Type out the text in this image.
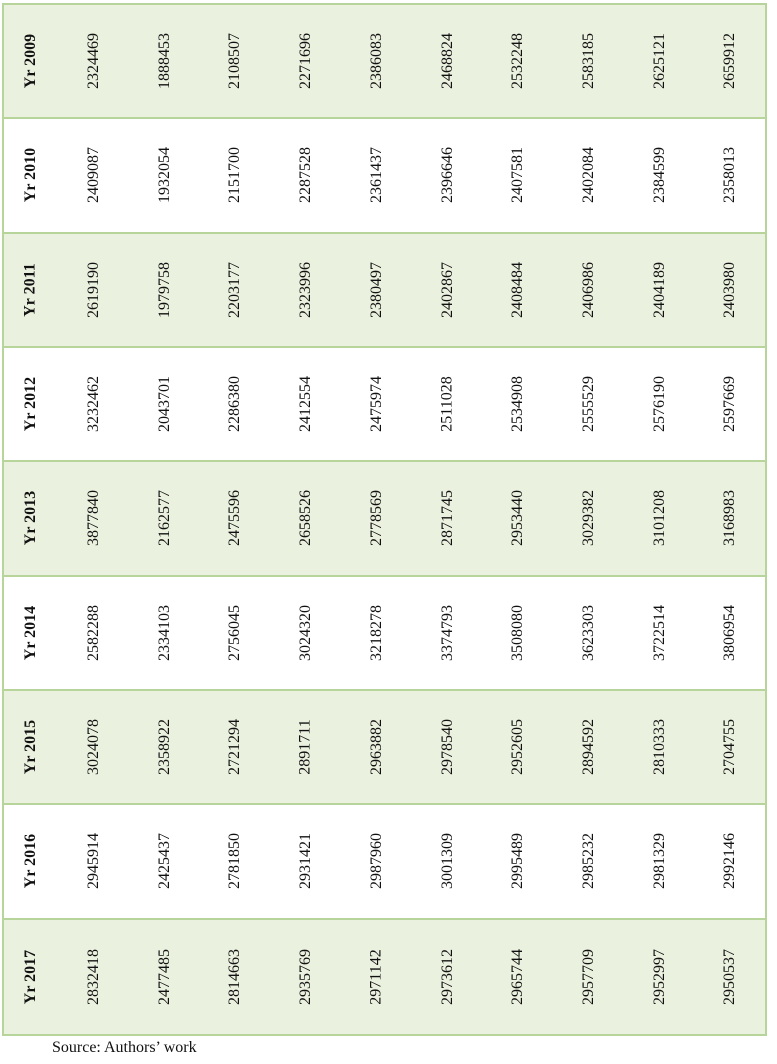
Yr 2009	2324469	1888453	2108507	2271696	2386083	2468824	2532248	2583185	2625121	2659912
Yr 2010	2409087	1932054	2151700	2287528	2361437	2396646	2407581	2402084	2384599	2358013
Yr 2011	2619190	1979758	2203177	2323996	2380497	2402867	2408484	2406986	2404189	2403980
Yr 2012	3232462	2043701	2286380	2412554	2475974	2511028	2534908	2555529	2576190	2597669
Yr 2013	3877840	2162577	2475596	2658526	2778569	2871745	2953440	3029382	3101208	3168983
Yr 2014	2582288	2334103	2756045	3024320	3218278	3374793	3508080	3623303	3722514	3806954
Yr 2015	3024078	2358922	2721294	2891711	2963882	2978540	2952605	2894592	2810333	2704755
Yr 2016	2945914	2425437	2781850	2931421	2987960	3001309	2995489	2985232	2981329	2992146
Yr 2017	2832418	2477485	2814663	2935769	2971142	2973612	2965744	2957709	2952997	2950537
Source: Authors’ work
